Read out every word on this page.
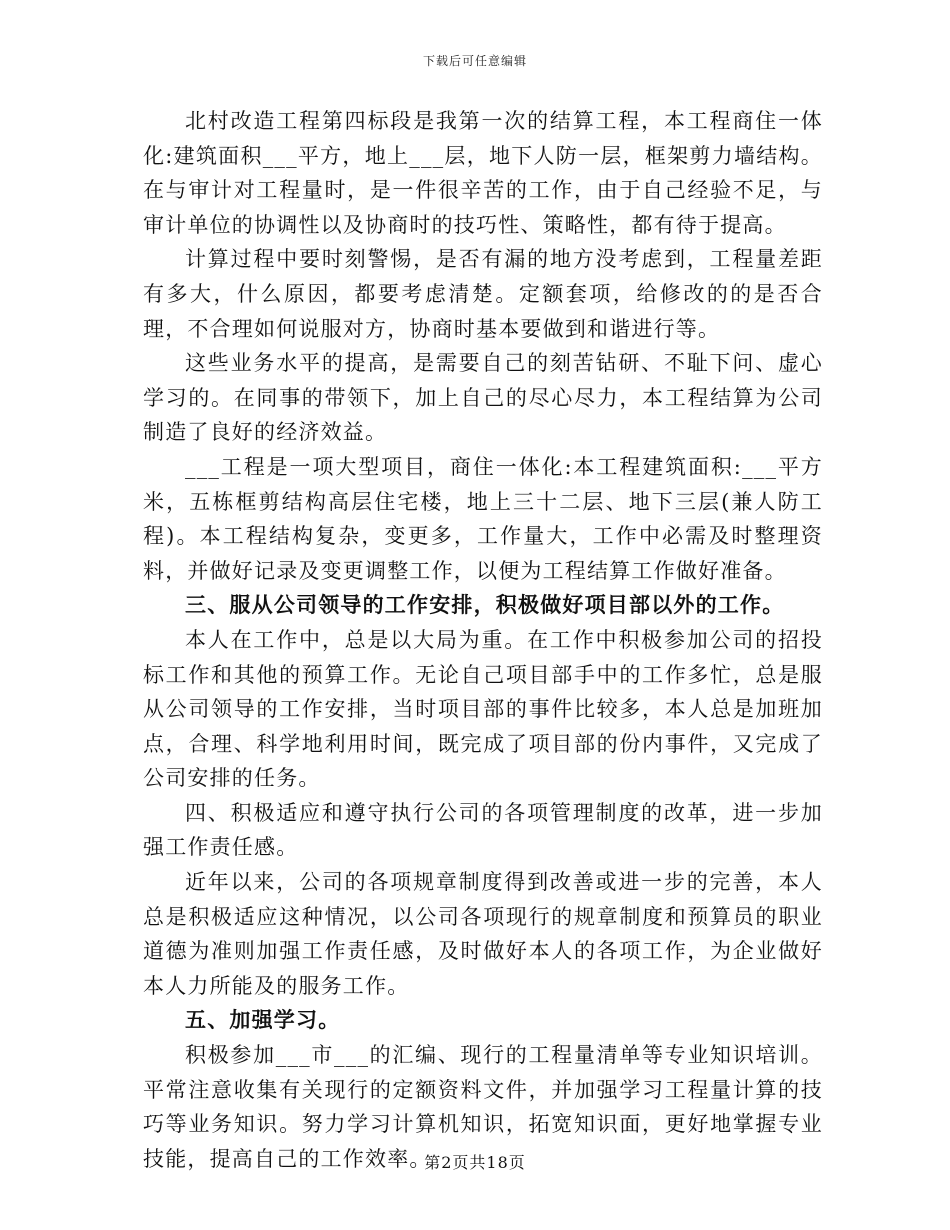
下载后可任意编辑

北村改造工程第四标段是我第一次的结算工程，本工程商住一体化:建筑面积___平方，地上___层，地下人防一层，框架剪力墙结构。在与审计对工程量时，是一件很辛苦的工作，由于自己经验不足，与审计单位的协调性以及协商时的技巧性、策略性，都有待于提高。

计算过程中要时刻警惕，是否有漏的地方没考虑到，工程量差距有多大，什么原因，都要考虑清楚。定额套项，给修改的的是否合理，不合理如何说服对方，协商时基本要做到和谐进行等。

这些业务水平的提高，是需要自己的刻苦钻研、不耻下问、虚心学习的。在同事的带领下，加上自己的尽心尽力，本工程结算为公司制造了良好的经济效益。

___工程是一项大型项目，商住一体化:本工程建筑面积:___平方米，五栋框剪结构高层住宅楼，地上三十二层、地下三层(兼人防工程)。本工程结构复杂，变更多，工作量大，工作中必需及时整理资料，并做好记录及变更调整工作，以便为工程结算工作做好准备。

三、服从公司领导的工作安排，积极做好项目部以外的工作。

本人在工作中，总是以大局为重。在工作中积极参加公司的招投标工作和其他的预算工作。无论自己项目部手中的工作多忙，总是服从公司领导的工作安排，当时项目部的事件比较多，本人总是加班加点，合理、科学地利用时间，既完成了项目部的份内事件，又完成了公司安排的任务。

四、积极适应和遵守执行公司的各项管理制度的改革，进一步加强工作责任感。

近年以来，公司的各项规章制度得到改善或进一步的完善，本人总是积极适应这种情况，以公司各项现行的规章制度和预算员的职业道德为准则加强工作责任感，及时做好本人的各项工作，为企业做好本人力所能及的服务工作。

五、加强学习。

积极参加___市___的汇编、现行的工程量清单等专业知识培训。平常注意收集有关现行的定额资料文件，并加强学习工程量计算的技巧等业务知识。努力学习计算机知识，拓宽知识面，更好地掌握专业技能，提高自己的工作效率。

第2页共18页
